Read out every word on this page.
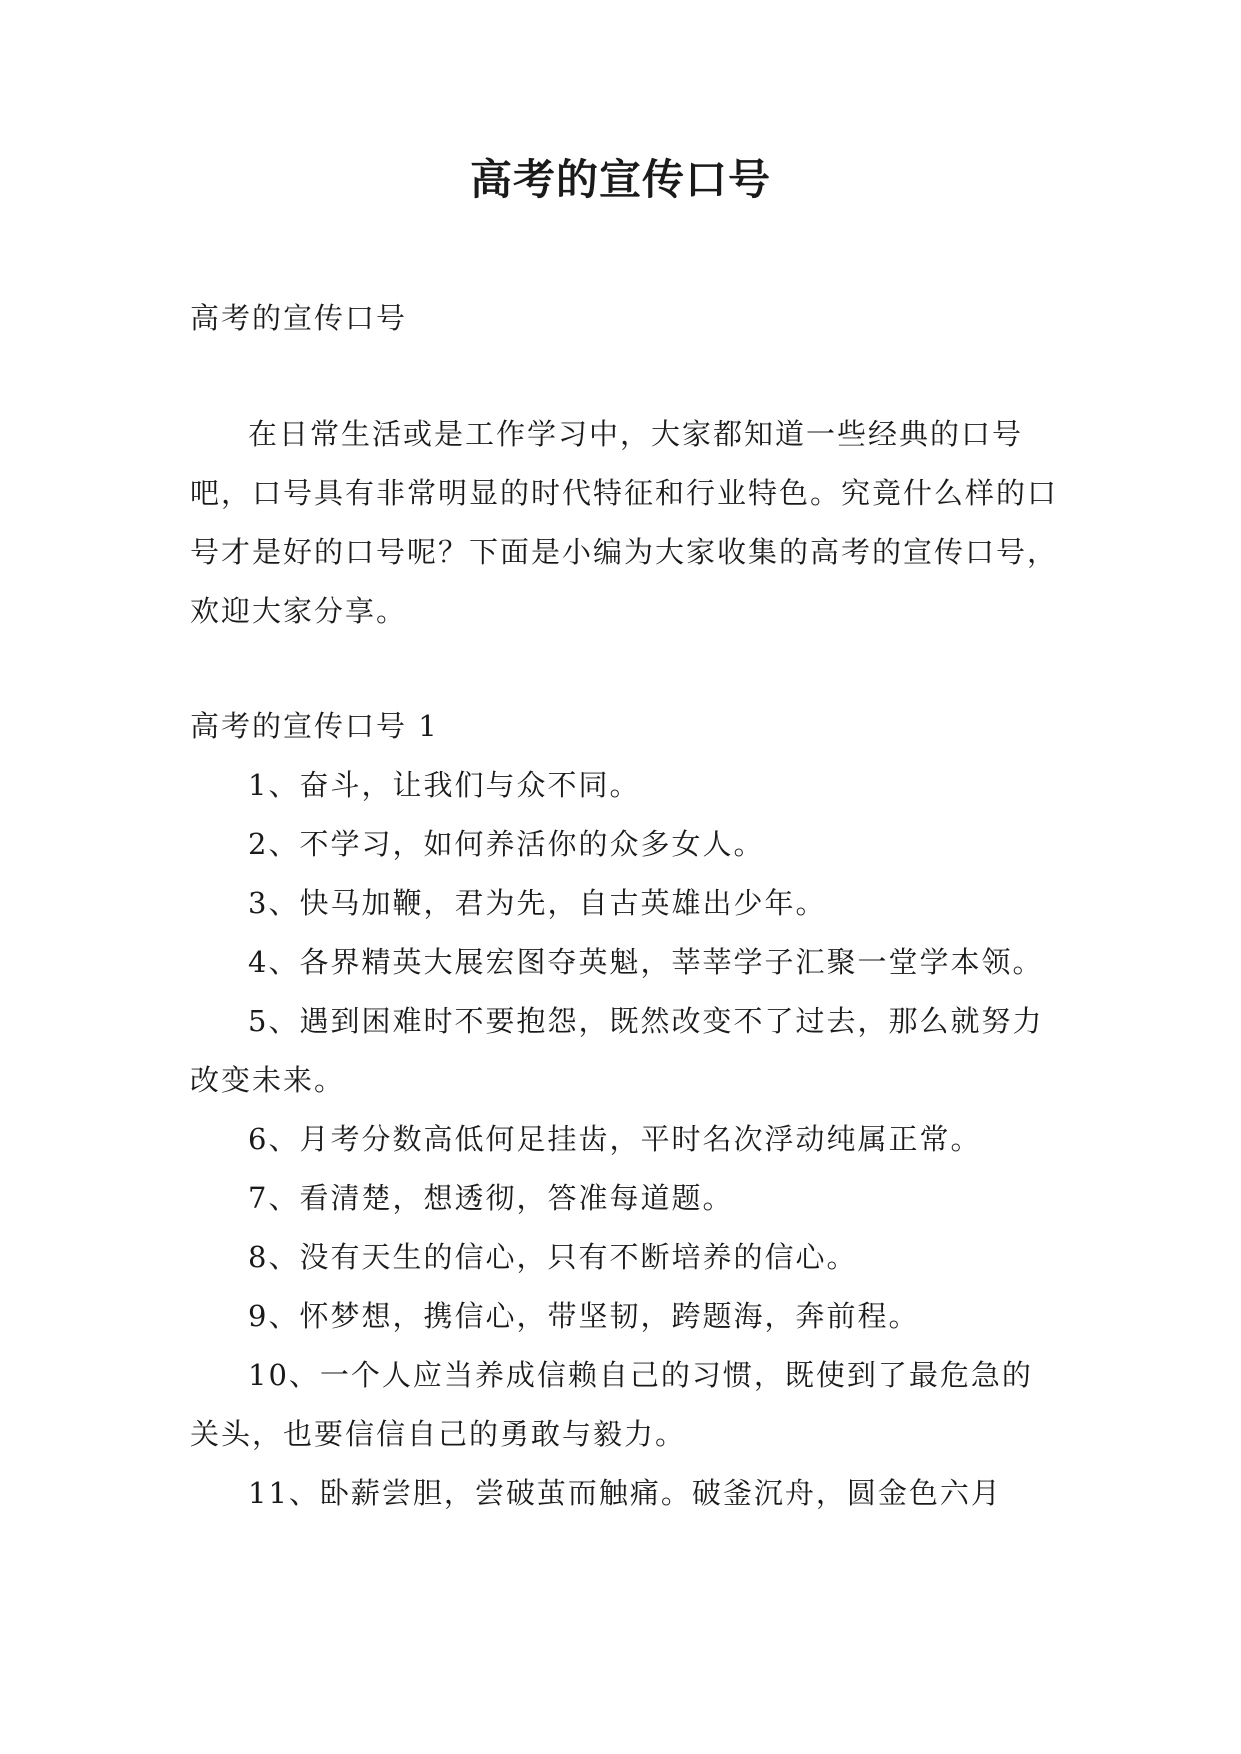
高考的宣传口号

高考的宣传口号

在日常生活或是工作学习中，大家都知道一些经典的口号吧，口号具有非常明显的时代特征和行业特色。究竟什么样的口号才是好的口号呢？下面是小编为大家收集的高考的宣传口号，欢迎大家分享。

高考的宣传口号 1

1、奋斗，让我们与众不同。

2、不学习，如何养活你的众多女人。

3、快马加鞭，君为先，自古英雄出少年。

4、各界精英大展宏图夺英魁，莘莘学子汇聚一堂学本领。

5、遇到困难时不要抱怨，既然改变不了过去，那么就努力改变未来。

6、月考分数高低何足挂齿，平时名次浮动纯属正常。

7、看清楚，想透彻，答准每道题。

8、没有天生的信心，只有不断培养的信心。

9、怀梦想，携信心，带坚韧，跨题海，奔前程。

10、一个人应当养成信赖自己的习惯，既使到了最危急的关头，也要信信自己的勇敢与毅力。

11、卧薪尝胆，尝破茧而触痛。破釜沉舟，圆金色六月
